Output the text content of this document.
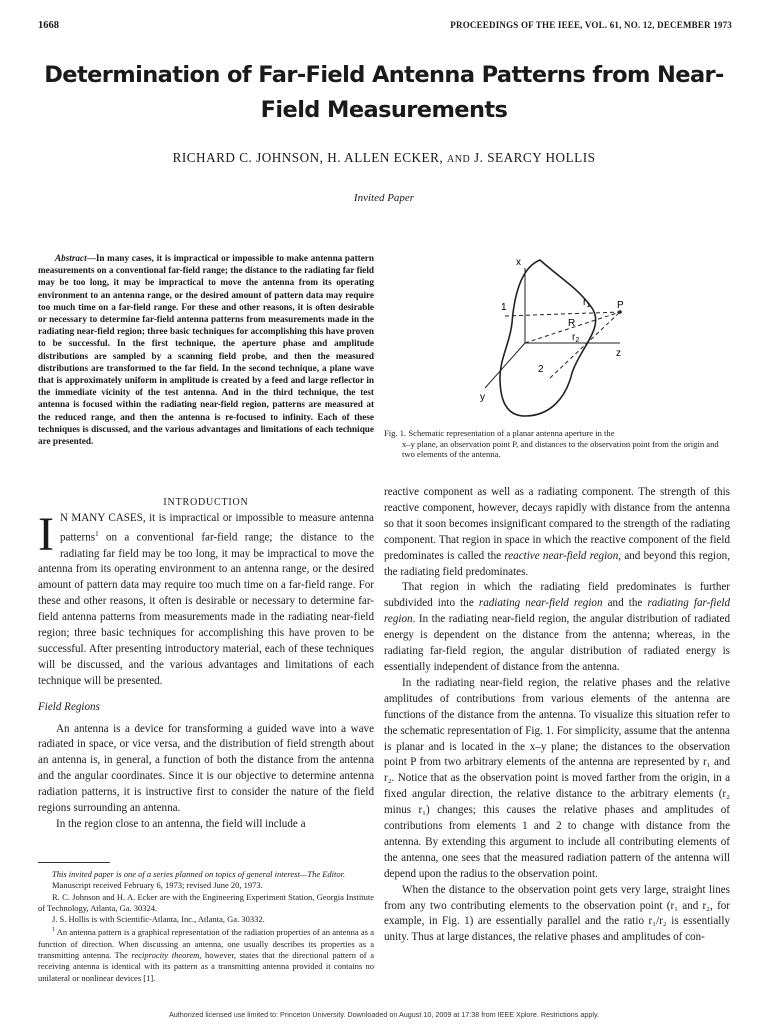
1668	PROCEEDINGS OF THE IEEE, VOL. 61, NO. 12, DECEMBER 1973
Determination of Far-Field Antenna Patterns from Near-Field Measurements
RICHARD C. JOHNSON, H. ALLEN ECKER, AND J. SEARCY HOLLIS
Invited Paper

Abstract—In many cases, it is impractical or impossible to make antenna pattern measurements on a conventional far-field range; the distance to the radiating far field may be too long, it may be impractical to move the antenna from its operating environment to an antenna range, or the desired amount of pattern data may require too much time on a far-field range. For these and other reasons, it is often desirable or necessary to determine far-field antenna patterns from measurements made in the radiating near-field region; three basic techniques for accomplishing this have proven to be successful. In the first technique, the aperture phase and amplitude distributions are sampled by a scanning field probe, and then the measured distributions are transformed to the far field. In the second technique, a plane wave that is approximately uniform in amplitude is created by a feed and large reflector in the immediate vicinity of the test antenna. And in the third technique, the test antenna is focused within the radiating near-field region, patterns are measured at the reduced range, and then the antenna is re-focused to infinity. Each of these techniques is discussed, and the various advantages and limitations of each technique are presented.

INTRODUCTION

I N MANY CASES, it is impractical or impossible to measure antenna patterns$^1$ on a conventional far-field range; the distance to the radiating far field may be too long, it may be impractical to move the antenna from its operating environment to an antenna range, or the desired amount of pattern data may require too much time on a far-field range. For these and other reasons, it often is desirable or necessary to determine far-field antenna patterns from measurements made in the radiating near-field region; three basic techniques for accomplishing this have proven to be successful. After presenting introductory material, each of these techniques will be discussed, and the various advantages and limitations of each technique will be presented.

Field Regions

An antenna is a device for transforming a guided wave into a wave radiated in space, or vice versa, and the distribution of field strength about an antenna is, in general, a function of both the distance from the antenna and the angular coordinates. Since it is our objective to determine antenna radiation patterns, it is instructive first to consider the nature of the field regions surrounding an antenna.

In the region close to an antenna, the field will include a

This invited paper is one of a series planned on topics of general interest—The Editor.

Manuscript received February 6, 1973; revised June 20, 1973.

R. C. Johnson and H. A. Ecker are with the Engineering Experiment Station, Georgia Institute of Technology, Atlanta, Ga. 30324.

J. S. Hollis is with Scientific-Atlanta, Inc., Atlanta, Ga. 30332.

$^1$ An antenna pattern is a graphical representation of the radiation properties of an antenna as a function of direction. When discussing an antenna, one usually describes its properties as a transmitting antenna. The reciprocity theorem, however, states that the directional pattern of a receiving antenna is identical with its pattern as a transmitting antenna provided it contains no unilateral or nonlinear devices [1].

x
z
y
P
R
$r_1$
$r_2$
1
2
Fig. 1. Schematic representation of a planar antenna aperture in the
x–y plane, an observation point P, and distances to the observation point from the origin and two elements of the antenna.

reactive component as well as a radiating component. The strength of this reactive component, however, decays rapidly with distance from the antenna so that it soon becomes insignificant compared to the strength of the radiating component. That region in space in which the reactive component of the field predominates is called the reactive near-field region, and beyond this region, the radiating field predominates.

That region in which the radiating field predominates is further subdivided into the radiating near-field region and the radiating far-field region. In the radiating near-field region, the angular distribution of radiated energy is dependent on the distance from the antenna; whereas, in the radiating far-field region, the angular distribution of radiated energy is essentially independent of distance from the antenna.

In the radiating near-field region, the relative phases and the relative amplitudes of contributions from various elements of the antenna are functions of the distance from the antenna. To visualize this situation refer to the schematic representation of Fig. 1. For simplicity, assume that the antenna is planar and is located in the x–y plane; the distances to the observation point P from two arbitrary elements of the antenna are represented by r₁ and r₂. Notice that as the observation point is moved farther from the origin, in a fixed angular direction, the relative distance to the arbitrary elements (r₂ minus r₁) changes; this causes the relative phases and amplitudes of contributions from elements 1 and 2 to change with distance from the antenna. By extending this argument to include all contributing elements of the antenna, one sees that the measured radiation pattern of the antenna will depend upon the radius to the observation point.

When the distance to the observation point gets very large, straight lines from any two contributing elements to the observation point (r₁ and r₂, for example, in Fig. 1) are essentially parallel and the ratio r₁/r₂ is essentially unity. Thus at large distances, the relative phases and amplitudes of con-

Authorized licensed use limited to: Princeton University. Downloaded on August 10, 2009 at 17:38 from IEEE Xplore. Restrictions apply.
